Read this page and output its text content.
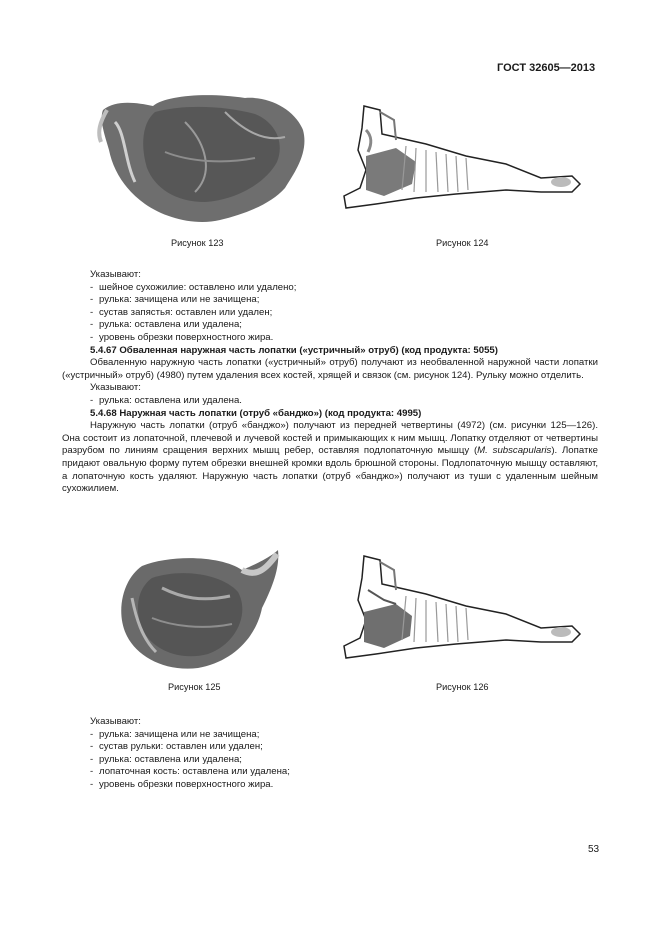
ГОСТ 32605—2013
Рисунок 123	Рисунок 124

Указывают:

- шейное сухожилие: оставлено или удалено;

- рулька: зачищена или не зачищена;

- сустав запястья: оставлен или удален;

- рулька: оставлена или удалена;

- уровень обрезки поверхностного жира.

5.4.67 Обваленная наружная часть лопатки («устричный» отруб) (код продукта: 5055)

Обваленную наружную часть лопатки («устричный» отруб) получают из необваленной наружной части лопатки («устричный» отруб) (4980) путем удаления всех костей, хрящей и связок (см. рисунок 124). Рульку можно отделить.

Указывают:

- рулька: оставлена или удалена.

5.4.68 Наружная часть лопатки (отруб «банджо») (код продукта: 4995)

Наружную часть лопатки (отруб «банджо») получают из передней четвертины (4972) (см. рисунки 125—126). Она состоит из лопаточной, плечевой и лучевой костей и примыкающих к ним мышц. Лопатку отделяют от четвертины разрубом по линиям сращения верхних мышц ребер, оставляя подлопаточную мышцу (M. subscapularis). Лопатке придают овальную форму путем обрезки внешней кромки вдоль брюшной стороны. Подлопаточную мышцу оставляют, а лопаточную кость удаляют. Наружную часть лопатки (отруб «банджо») получают из туши с удаленным шейным сухожилием.

Рисунок 125	Рисунок 126

Указывают:

- рулька: зачищена или не зачищена;

- сустав рульки: оставлен или удален;

- рулька: оставлена или удалена;

- лопаточная кость: оставлена или удалена;

- уровень обрезки поверхностного жира.

53
